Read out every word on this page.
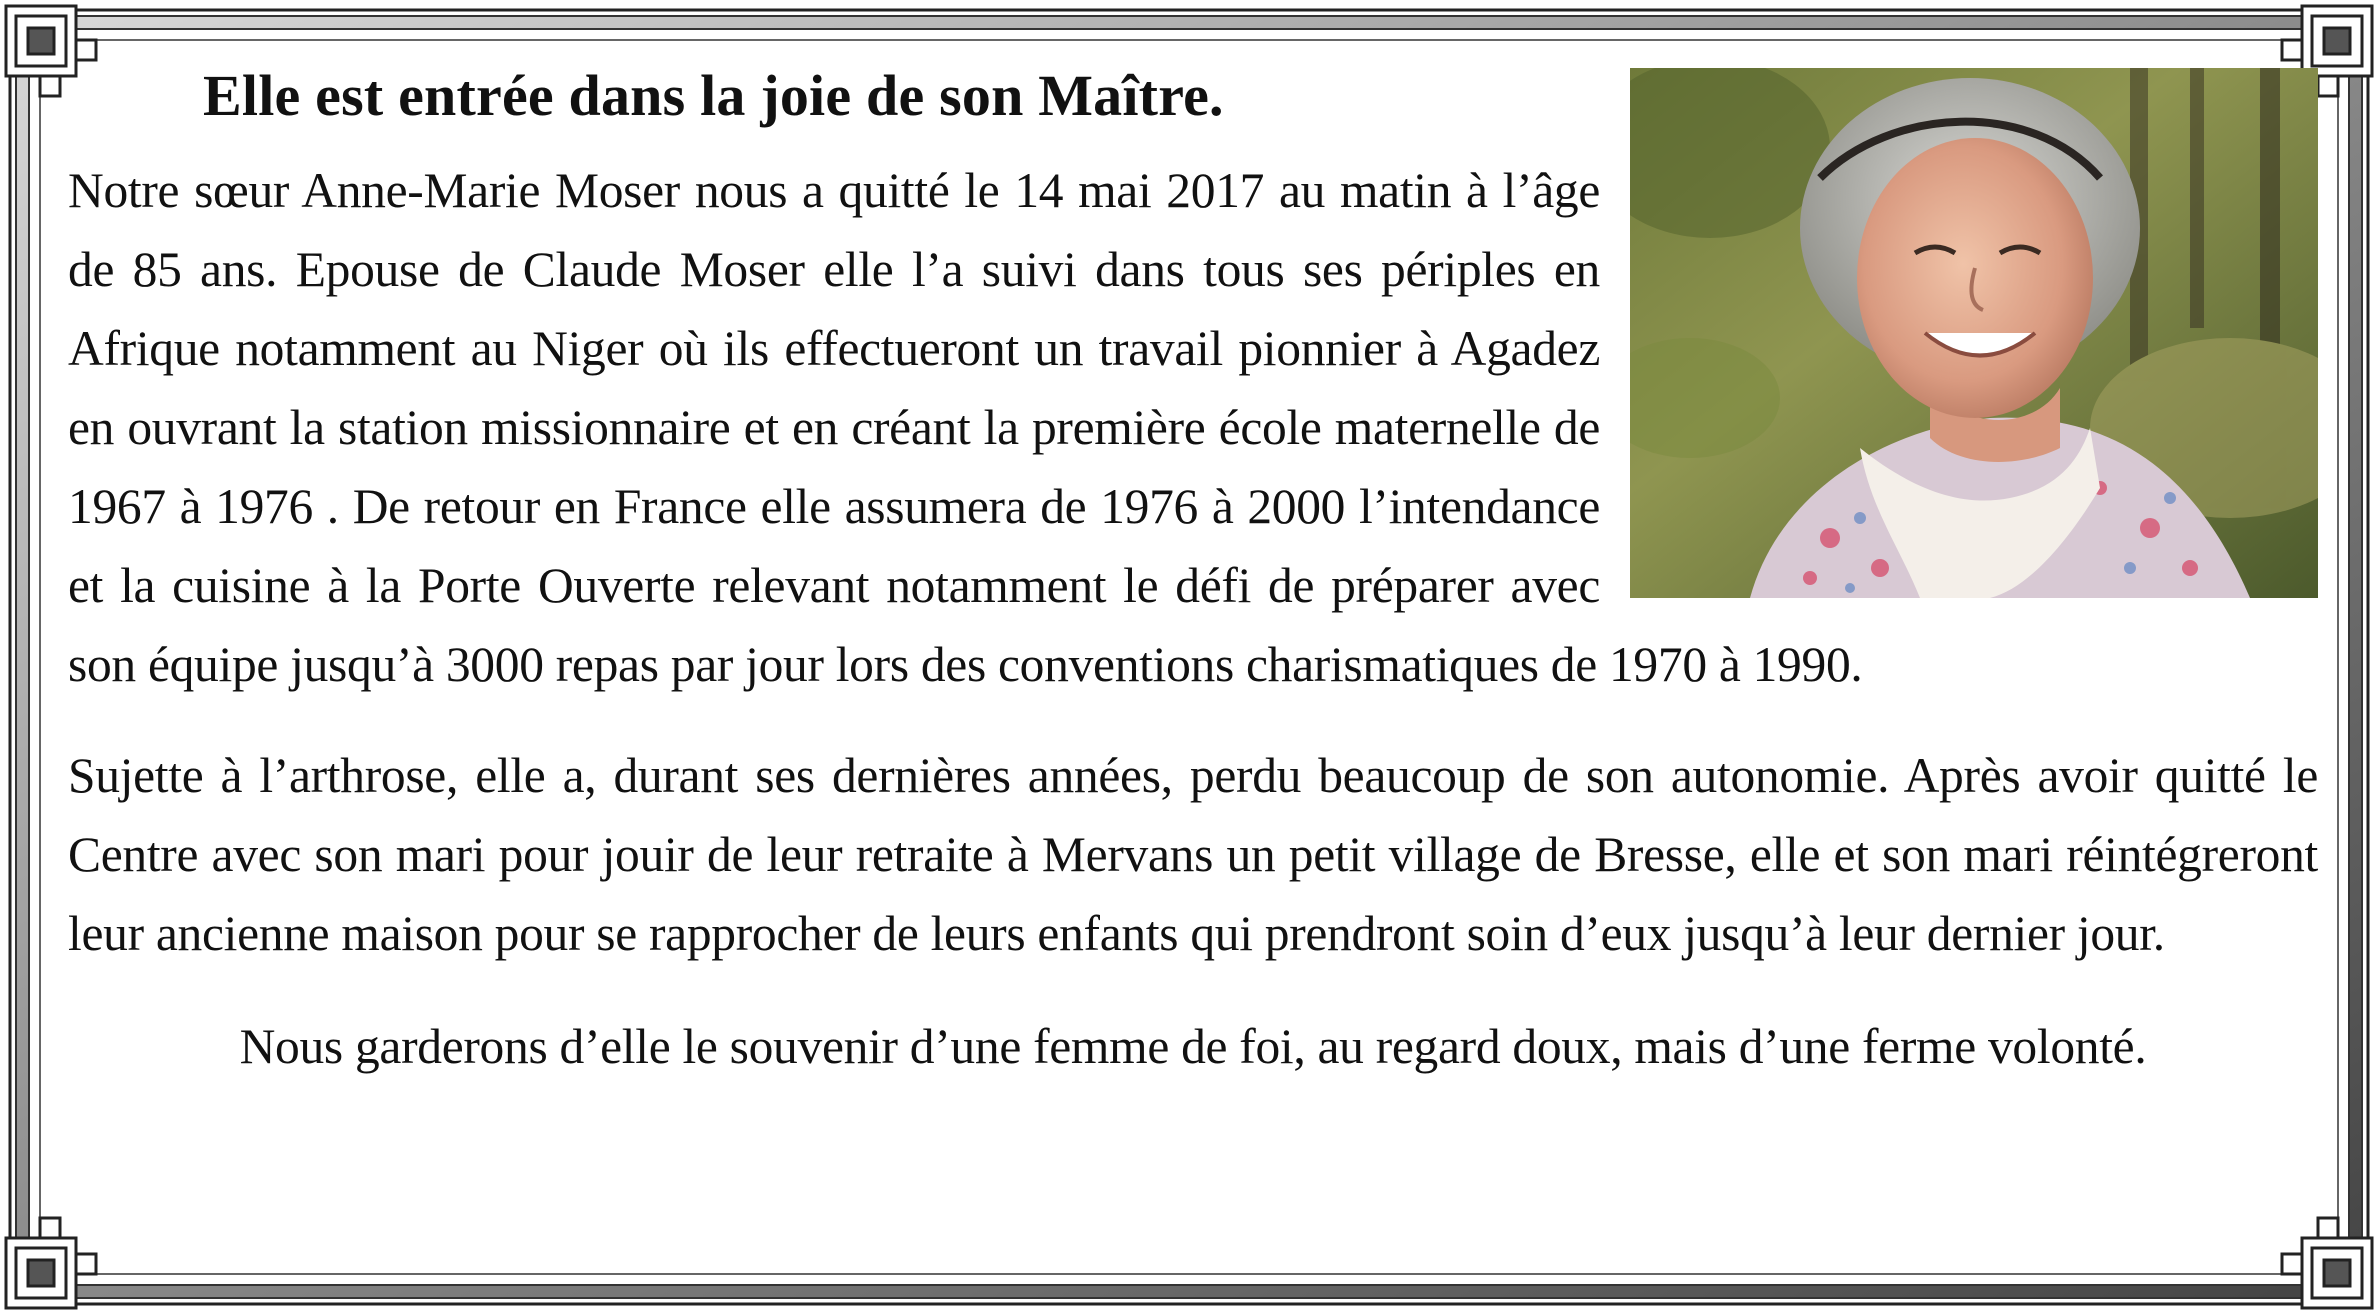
Elle est entrée dans la joie de son Maître.

Notre sœur Anne-Marie Moser nous a quitté le 14 mai 2017 au matin à l’âge de 85 ans. Epouse de Claude Moser elle l’a suivi dans tous ses périples en Afrique notamment au Niger où ils effectueront un travail pionnier à Agadez en ouvrant la station missionnaire et en créant la première école maternelle de 1967 à 1976 . De retour en France elle assumera de 1976 à 2000 l’intendance et la cuisine à la Porte Ouverte relevant notamment le défi de préparer avec son équipe jusqu’à 3000 repas par jour lors des conventions charismatiques de 1970 à 1990.

Sujette à l’arthrose, elle a, durant ses dernières années, perdu beaucoup de son autonomie. Après avoir quitté le Centre avec son mari pour jouir de leur retraite à Mervans un petit village de Bresse, elle et son mari réintégreront leur ancienne maison pour se rapprocher de leurs enfants qui prendront soin d’eux jusqu’à leur dernier jour.

Nous garderons d’elle le souvenir d’une femme de foi, au regard doux, mais d’une ferme volonté.
